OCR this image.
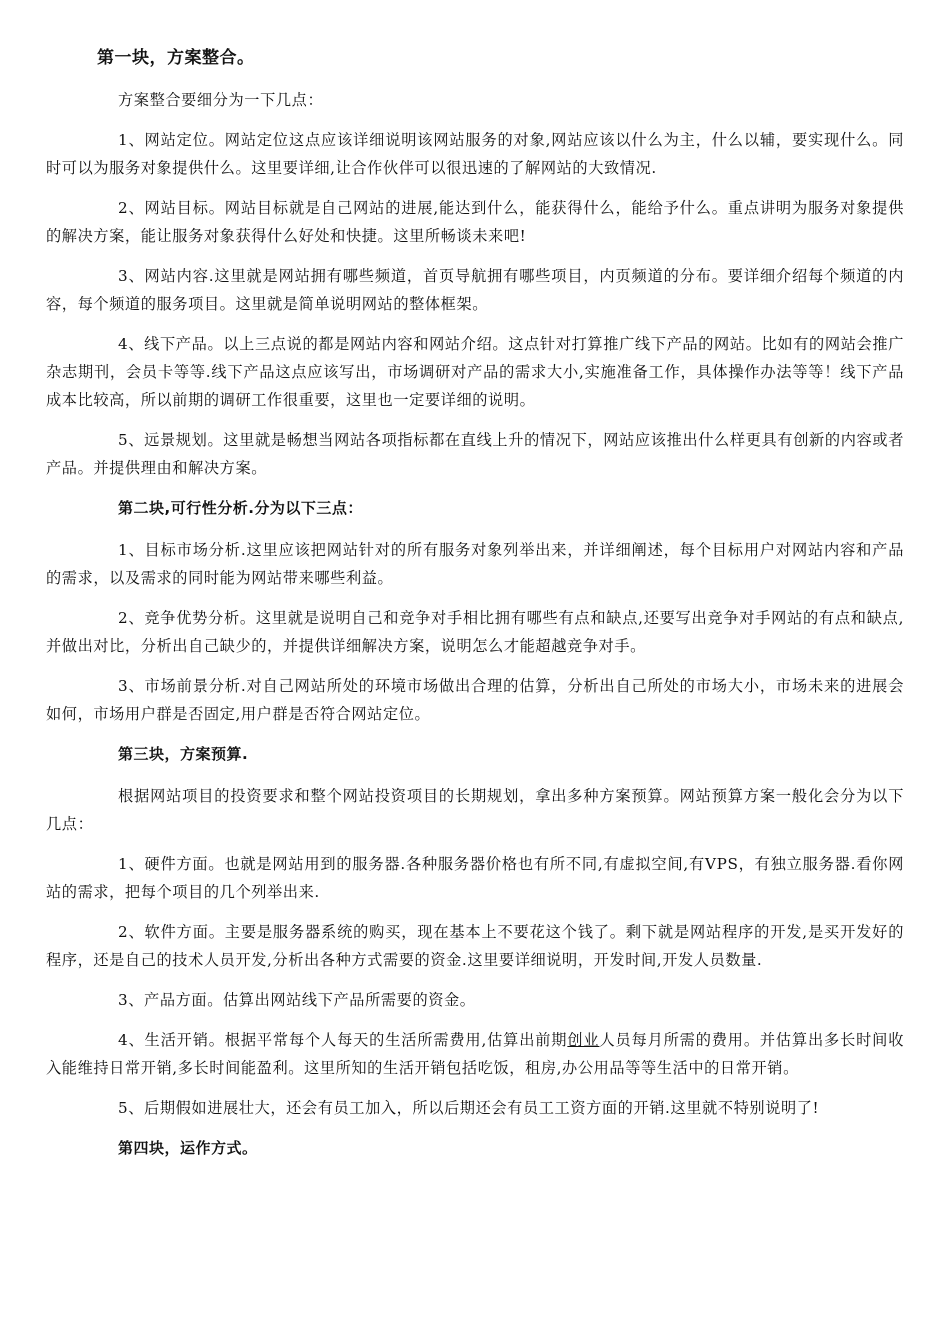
第一块，方案整合。
方案整合要细分为一下几点：
1、网站定位。网站定位这点应该详细说明该网站服务的对象,网站应该以什么为主，什么以辅，要实现什么。同时可以为服务对象提供什么。这里要详细,让合作伙伴可以很迅速的了解网站的大致情况.
2、网站目标。网站目标就是自己网站的进展,能达到什么，能获得什么，能给予什么。重点讲明为服务对象提供的解决方案，能让服务对象获得什么好处和快捷。这里所畅谈未来吧!
3、网站内容.这里就是网站拥有哪些频道，首页导航拥有哪些项目，内页频道的分布。要详细介绍每个频道的内容，每个频道的服务项目。这里就是简单说明网站的整体框架。
4、线下产品。以上三点说的都是网站内容和网站介绍。这点针对打算推广线下产品的网站。比如有的网站会推广杂志期刊，会员卡等等.线下产品这点应该写出，市场调研对产品的需求大小,实施准备工作，具体操作办法等等！线下产品成本比较高，所以前期的调研工作很重要，这里也一定要详细的说明。
5、远景规划。这里就是畅想当网站各项指标都在直线上升的情况下，网站应该推出什么样更具有创新的内容或者产品。并提供理由和解决方案。
第二块,可行性分析.分为以下三点：
1、目标市场分析.这里应该把网站针对的所有服务对象列举出来，并详细阐述，每个目标用户对网站内容和产品的需求，以及需求的同时能为网站带来哪些利益。
2、竞争优势分析。这里就是说明自己和竞争对手相比拥有哪些有点和缺点,还要写出竞争对手网站的有点和缺点,并做出对比，分析出自己缺少的，并提供详细解决方案，说明怎么才能超越竞争对手。
3、市场前景分析.对自己网站所处的环境市场做出合理的估算，分析出自己所处的市场大小，市场未来的进展会如何，市场用户群是否固定,用户群是否符合网站定位。
第三块，方案预算.
根据网站项目的投资要求和整个网站投资项目的长期规划，拿出多种方案预算。网站预算方案一般化会分为以下几点：
1、硬件方面。也就是网站用到的服务器.各种服务器价格也有所不同,有虚拟空间,有VPS，有独立服务器.看你网站的需求，把每个项目的几个列举出来.
2、软件方面。主要是服务器系统的购买，现在基本上不要花这个钱了。剩下就是网站程序的开发,是买开发好的程序，还是自己的技术人员开发,分析出各种方式需要的资金.这里要详细说明，开发时间,开发人员数量.
3、产品方面。估算出网站线下产品所需要的资金。
4、生活开销。根据平常每个人每天的生活所需费用,估算出前期创业人员每月所需的费用。并估算出多长时间收入能维持日常开销,多长时间能盈利。这里所知的生活开销包括吃饭，租房,办公用品等等生活中的日常开销。
5、后期假如进展壮大，还会有员工加入，所以后期还会有员工工资方面的开销.这里就不特别说明了!
第四块，运作方式。
